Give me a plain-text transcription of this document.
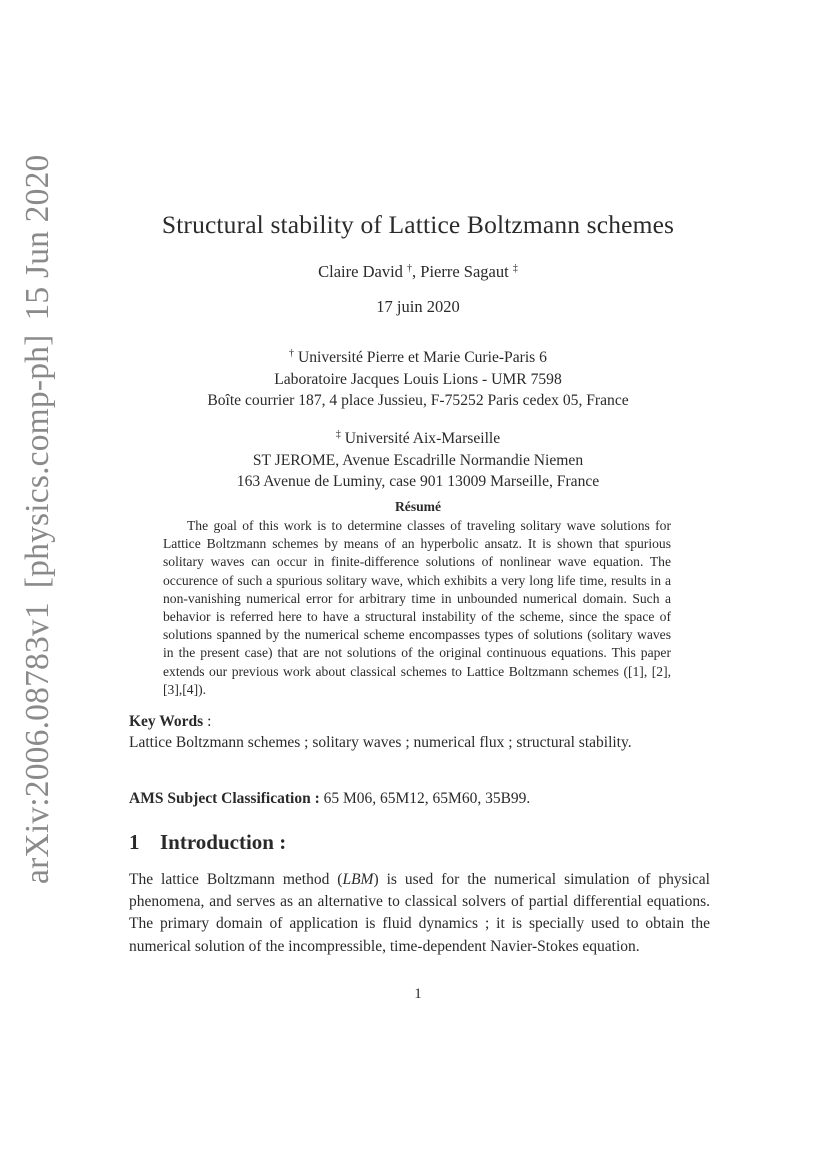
arXiv:2006.08783v1[physics.comp-ph]15 Jun 2020	Structural stability of Lattice Boltzmann schemes
Claire David †, Pierre Sagaut ‡
17 juin 2020
† Université Pierre et Marie Curie-Paris 6
Laboratoire Jacques Louis Lions - UMR 7598
Boîte courrier 187, 4 place Jussieu, F-75252 Paris cedex 05, France
‡ Université Aix-Marseille
ST JEROME, Avenue Escadrille Normandie Niemen
163 Avenue de Luminy, case 901 13009 Marseille, France
Résumé

The goal of this work is to determine classes of traveling solitary wave solutions for Lattice Boltzmann schemes by means of an hyperbolic ansatz. It is shown that spurious solitary waves can occur in finite-difference solutions of nonlinear wave equation. The occurence of such a spurious solitary wave, which exhibits a very long life time, results in a non-vanishing numerical error for arbitrary time in unbounded numerical domain. Such a behavior is referred here to have a structural instability of the scheme, since the space of solutions spanned by the numerical scheme encompasses types of solutions (solitary waves in the present case) that are not solutions of the original continuous equations. This paper extends our previous work about classical schemes to Lattice Boltzmann schemes ([1], [2], [3],[4]).

Key Words :
Lattice Boltzmann schemes ; solitary waves ; numerical flux ; structural stability.
AMS Subject Classification : 65 M06, 65M12, 65M60, 35B99.
1 Introduction :

The lattice Boltzmann method (LBM) is used for the numerical simulation of physical phenomena, and serves as an alternative to classical solvers of partial differential equations. The primary domain of application is fluid dynamics ; it is specially used to obtain the numerical solution of the incompressible, time-dependent Navier-Stokes equation.

1
